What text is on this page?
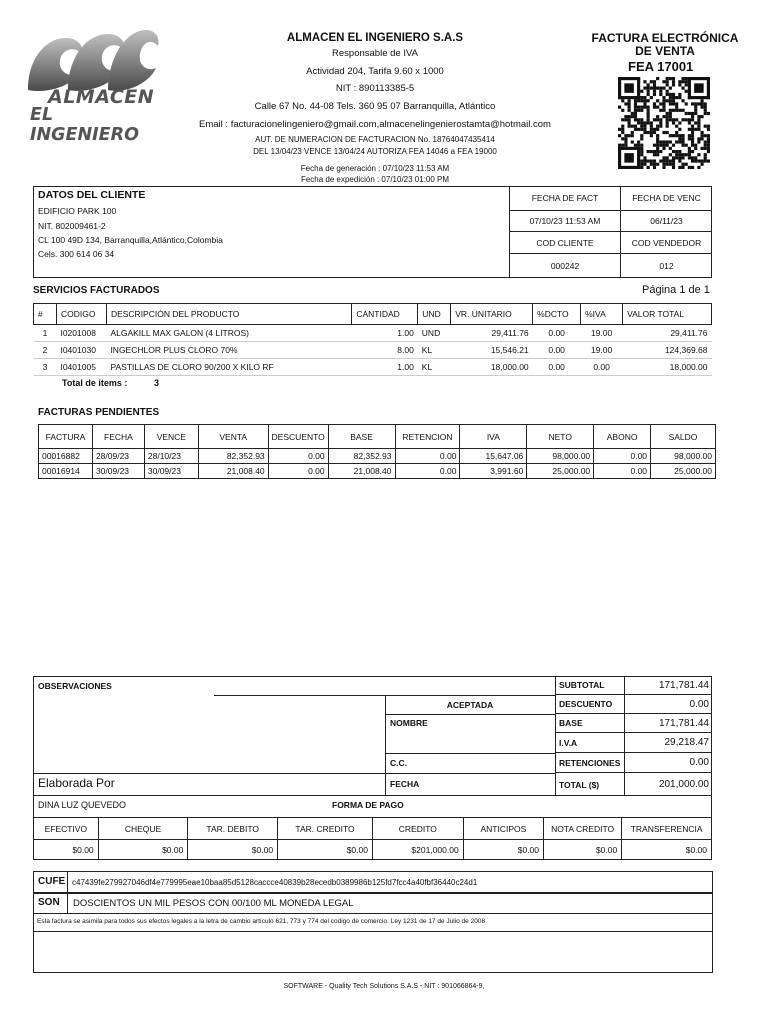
ALMACEN
EL INGENIERO
ALMACEN EL INGENIERO S.A.S
Responsable de IVA
Actividad 204, Tarifa 9.60 x 1000
NIT : 890113385-5
Calle 67 No. 44-08 Tels. 360 95 07 Barranquilla, Atlántico
Email : facturacionelingeniero@gmail.com,almacenelingenierostamta@hotmail.com
AUT. DE NUMERACION DE FACTURACION No. 18764047435414
DEL 13/04/23 VENCE 13/04/24 AUTORIZA FEA 14046 a FEA 19000
Fecha de generación : 07/10/23 11:53 AM
Fecha de expedición : 07/10/23 01:00 PM
FACTURA ELECTRÓNICA
DE VENTA
FEA 17001
DATOS DEL CLIENTE
EDIFICIO PARK 100
NIT. 802009461-2
CL 100 49D 134, Barranquilla,Atlántico,Colombia
Cels. 300 614 06 34
FECHA DE FACT	FECHA DE VENC
07/10/23 11:53 AM	06/11/23
COD CLIENTE	COD VENDEDOR
000242	012
SERVICIOS FACTURADOS	Página 1 de 1
#	CODIGO	DESCRIPCIÓN DEL PRODUCTO	CANTIDAD	UND	VR. UNITARIO	%DCTO	%IVA	VALOR TOTAL
1	I0201008	ALGAKILL MAX GALON (4 LITROS)	1.00	UND	29,411.76	0.00	19.00	29,411.76
2	I0401030	INGECHLOR PLUS CLORO 70%	8.00	KL	15,546.21	0.00	19.00	124,369.68
3	I0401005	PASTILLAS DE CLORO 90/200 X KILO RF	1.00	KL	18,000.00	0.00	0.00	18,000.00
Total de items :	3
FACTURAS PENDIENTES
FACTURA	FECHA	VENCE	VENTA	DESCUENTO	BASE	RETENCION	IVA	NETO	ABONO	SALDO
00016882	28/09/23	28/10/23	82,352.93	0.00	82,352.93	0.00	15,647.06	98,000.00	0.00	98,000.00
00016914	30/09/23	30/09/23	21,008.40	0.00	21,008.40	0.00	3,991.60	25,000.00	0.00	25,000.00
OBSERVACIONES
ACEPTADA
NOMBRE
C.C.
FECHA
Elaborada Por
SUBTOTAL	171,781.44
DESCUENTO	0.00
BASE	171,781.44
I.V.A	29,218.47
RETENCIONES	0.00
TOTAL ($)	201,000.00
DINA LUZ QUEVEDO	FORMA DE PAGO
EFECTIVO	CHEQUE	TAR. DEBITO	TAR. CREDITO	CREDITO	ANTICIPOS	NOTA CREDITO	TRANSFERENCIA
$0.00	$0.00	$0.00	$0.00	$201,000.00	$0.00	$0.00	$0.00
CUFE c47439fe279927046df4e779995eae10baa85d5128caccce40839b28ecedb0389986b125fd7fcc4a40fbf36440c24d1
SON DOSCIENTOS UN MIL PESOS CON 00/100 ML MONEDA LEGAL
Esta factura se asimila para todos sus efectos legales a la letra de cambio artículo 621, 773 y 774 del codigo de comercio. Ley 1231 de 17 de Julio de 2008
SOFTWARE - Quality Tech Solutions S.A.S - NIT : 901066864-9,
